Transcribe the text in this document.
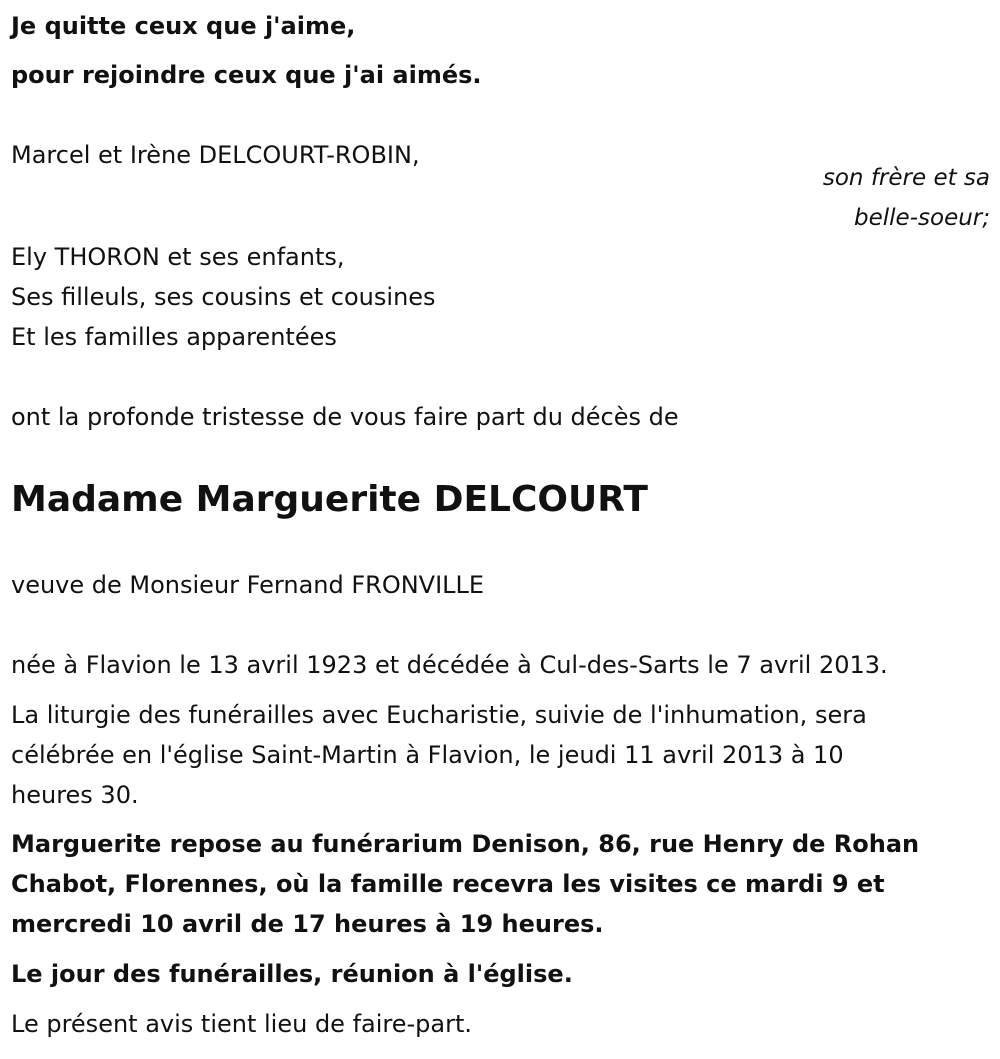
Je quitte ceux que j'aime,

pour rejoindre ceux que j'ai aimés.

Marcel et Irène DELCOURT-ROBIN,

son frère et sa

belle-soeur;

Ely THORON et ses enfants,

Ses filleuls, ses cousins et cousines

Et les familles apparentées

ont la profonde tristesse de vous faire part du décès de

Madame Marguerite DELCOURT

veuve de Monsieur Fernand FRONVILLE

née à Flavion le 13 avril 1923 et décédée à Cul-des-Sarts le 7 avril 2013.

La liturgie des funérailles avec Eucharistie, suivie de l'inhumation, sera

célébrée en l'église Saint-Martin à Flavion, le jeudi 11 avril 2013 à 10

heures 30.

Marguerite repose au funérarium Denison, 86, rue Henry de Rohan

Chabot, Florennes, où la famille recevra les visites ce mardi 9 et

mercredi 10 avril de 17 heures à 19 heures.

Le jour des funérailles, réunion à l'église.

Le présent avis tient lieu de faire-part.
